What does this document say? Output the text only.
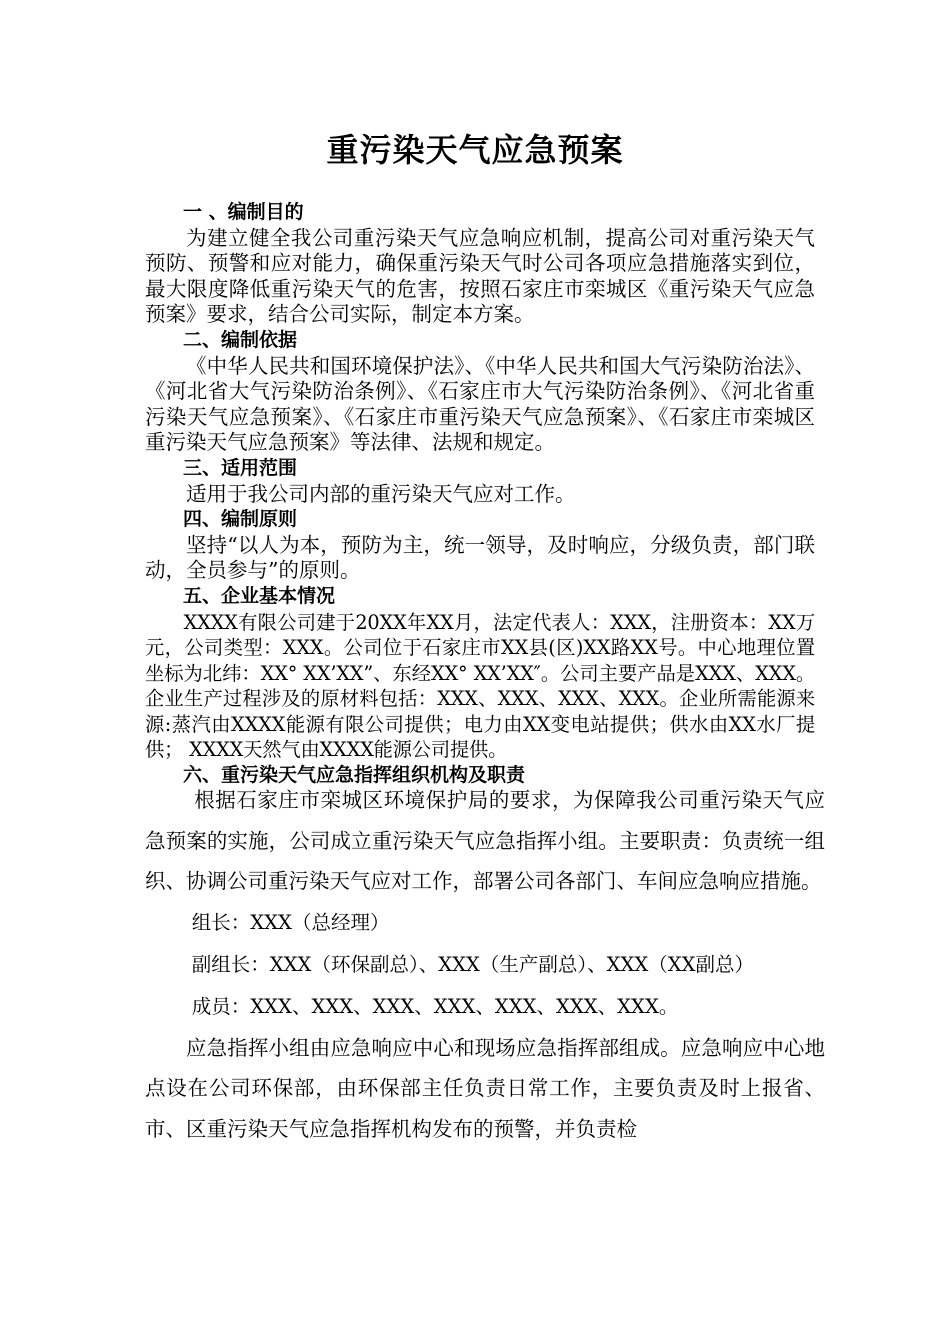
重污染天气应急预案

一 、编制目的

为建立健全我公司重污染天气应急响应机制，提高公司对重污染天气预防、预警和应对能力，确保重污染天气时公司各项应急措施落实到位，最大限度降低重污染天气的危害，按照石家庄市栾城区《重污染天气应急预案》要求，结合公司实际，制定本方案。

二、编制依据

《中华人民共和国环境保护法》、《中华人民共和国大气污染防治法》、《河北省大气污染防治条例》、《石家庄市大气污染防治条例》、《河北省重污染天气应急预案》、《石家庄市重污染天气应急预案》、《石家庄市栾城区重污染天气应急预案》等法律、法规和规定。

三、适用范围

适用于我公司内部的重污染天气应对工作。

四、编制原则

坚持“以人为本，预防为主，统一领导，及时响应，分级负责，部门联动，全员参与”的原则。

五、企业基本情况

XXXX有限公司建于20XX年XX月，法定代表人：XXX，注册资本：XX万元，公司类型：XXX。公司位于石家庄市XX县(区)XX路XX号。中心地理位置坐标为北纬：XX° XX’XX”、东经XX° XX’XX″。公司主要产品是XXX、XXX。企业生产过程涉及的原材料包括：XXX、XXX、XXX、XXX。企业所需能源来源:蒸汽由XXXX能源有限公司提供；电力由XX变电站提供；供水由XX水厂提供； XXXX天然气由XXXX能源公司提供。

六、重污染天气应急指挥组织机构及职责

根据石家庄市栾城区环境保护局的要求，为保障我公司重污染天气应急预案的实施，公司成立重污染天气应急指挥小组。主要职责：负责统一组织、协调公司重污染天气应对工作，部署公司各部门、车间应急响应措施。

组长：XXX（总经理）

副组长：XXX（环保副总）、XXX（生产副总）、XXX（XX副总）

成员：XXX、XXX、XXX、XXX、XXX、XXX、XXX。

应急指挥小组由应急响应中心和现场应急指挥部组成。应急响应中心地点设在公司环保部，由环保部主任负责日常工作，主要负责及时上报省、市、区重污染天气应急指挥机构发布的预警，并负责检
